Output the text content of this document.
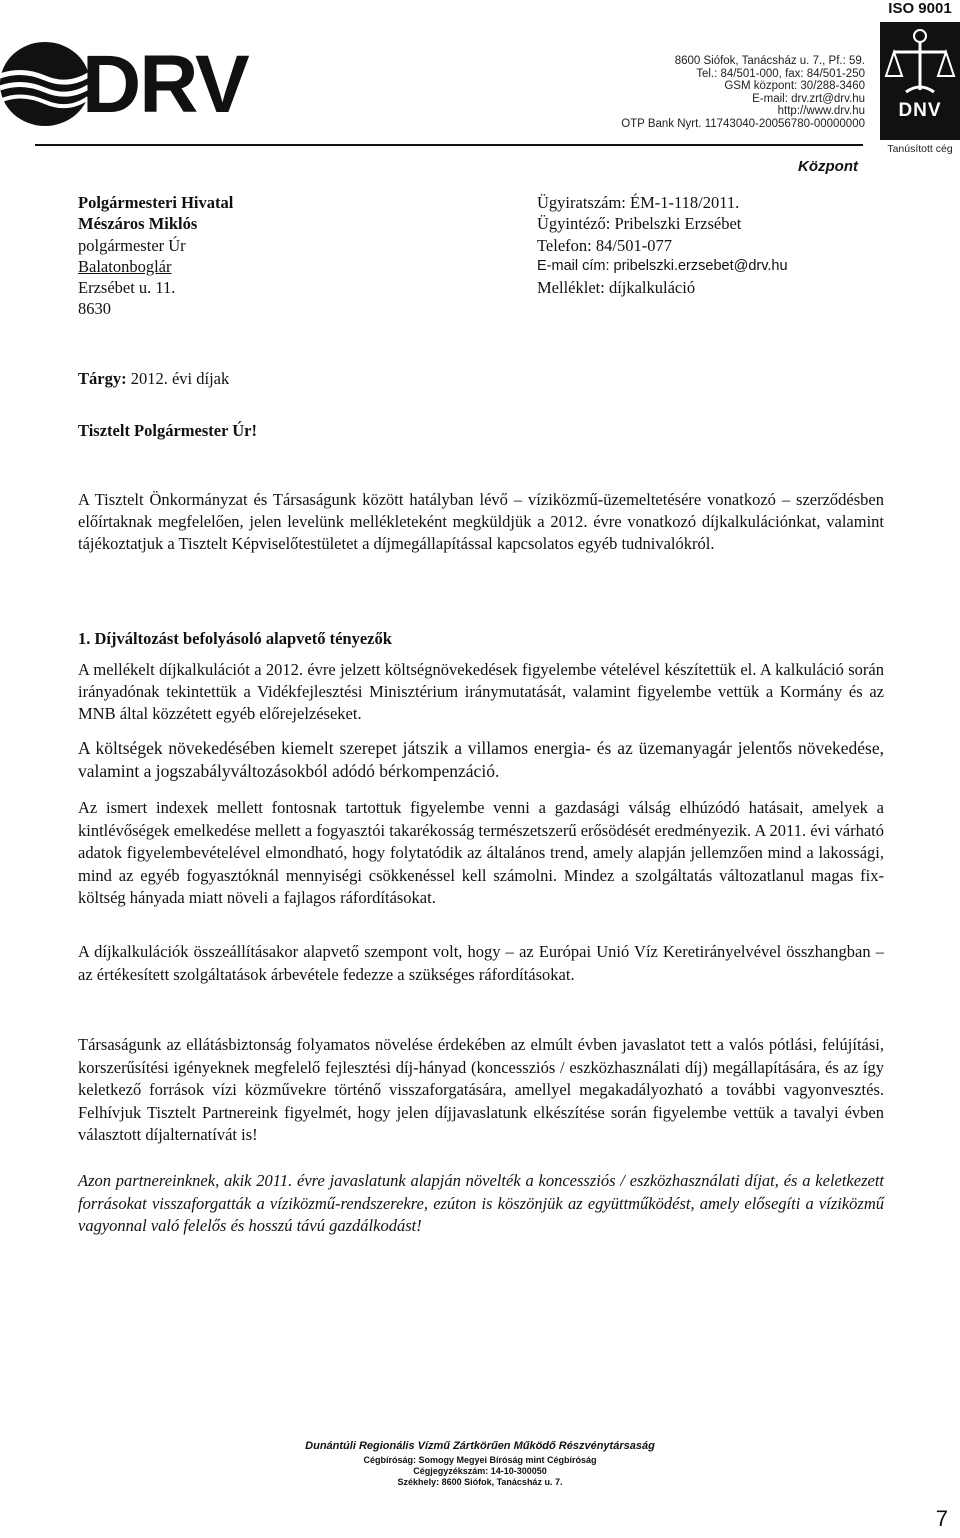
DRV	8600 Siófok, Tanácsház u. 7., Pf.: 59.
Tel.: 84/501-000, fax: 84/501-250
GSM központ: 30/288-3460
E-mail: drv.zrt@drv.hu
http://www.drv.hu
OTP Bank Nyrt. 11743040-20056780-00000000
Központ
ISO 9001
DNV
Tanúsított cég
Polgármesteri Hivatal
Mészáros Miklós
polgármester Úr
Balatonboglár
Erzsébet u. 11.
8630
Ügyiratszám: ÉM-1-118/2011.
Ügyintéző: Pribelszki Erzsébet
Telefon: 84/501-077
E-mail cím: pribelszki.erzsebet@drv.hu
Melléklet: díjkalkuláció
Tárgy: 2012. évi díjak
Tisztelt Polgármester Úr!
A Tisztelt Önkormányzat és Társaságunk között hatályban lévő – víziközmű-üzemeltetésére vonatkozó – szerződésben előírtaknak megfelelően, jelen levelünk mellékleteként megküldjük a 2012. évre vonatkozó díjkalkulációnkat, valamint tájékoztatjuk a Tisztelt Képviselőtestületet a díjmegállapítással kapcsolatos egyéb tudnivalókról.
1. Díjváltozást befolyásoló alapvető tényezők
A mellékelt díjkalkulációt a 2012. évre jelzett költségnövekedések figyelembe vételével készítettük el. A kalkuláció során irányadónak tekintettük a Vidékfejlesztési Minisztérium iránymutatását, valamint figyelembe vettük a Kormány és az MNB által közzétett egyéb előrejelzéseket.
A költségek növekedésében kiemelt szerepet játszik a villamos energia- és az üzemanyagár jelentős növekedése, valamint a jogszabályváltozásokból adódó bérkompenzáció.
Az ismert indexek mellett fontosnak tartottuk figyelembe venni a gazdasági válság elhúzódó hatásait, amelyek a kintlévőségek emelkedése mellett a fogyasztói takarékosság természetszerű erősödését eredményezik. A 2011. évi várható adatok figyelembevételével elmondható, hogy folytatódik az általános trend, amely alapján jellemzően mind a lakossági, mind az egyéb fogyasztóknál mennyiségi csökkenéssel kell számolni. Mindez a szolgáltatás változatlanul magas fix-költség hányada miatt növeli a fajlagos ráfordításokat.
A díjkalkulációk összeállításakor alapvető szempont volt, hogy – az Európai Unió Víz Keretirányelvével összhangban – az értékesített szolgáltatások árbevétele fedezze a szükséges ráfordításokat.
Társaságunk az ellátásbiztonság folyamatos növelése érdekében az elmúlt évben javaslatot tett a valós pótlási, felújítási, korszerűsítési igényeknek megfelelő fejlesztési díj-hányad (koncessziós / eszközhasználati díj) megállapítására, és az így keletkező források vízi közművekre történő visszaforgatására, amellyel megakadályozható a további vagyonvesztés. Felhívjuk Tisztelt Partnereink figyelmét, hogy jelen díjjavaslatunk elkészítése során figyelembe vettük a tavalyi évben választott díjalternatívát is!
Azon partnereinknek, akik 2011. évre javaslatunk alapján növelték a koncessziós / eszközhasználati díjat, és a keletkezett forrásokat visszaforgatták a víziközmű-rendszerekre, ezúton is köszönjük az együttműködést, amely elősegíti a víziközmű vagyonnal való felelős és hosszú távú gazdálkodást!
Dunántúli Regionális Vízmű Zártkörűen Működő Részvénytársaság
Cégbíróság: Somogy Megyei Bíróság mint Cégbíróság
Cégjegyzékszám: 14-10-300050
Székhely: 8600 Siófok, Tanácsház u. 7.
7
